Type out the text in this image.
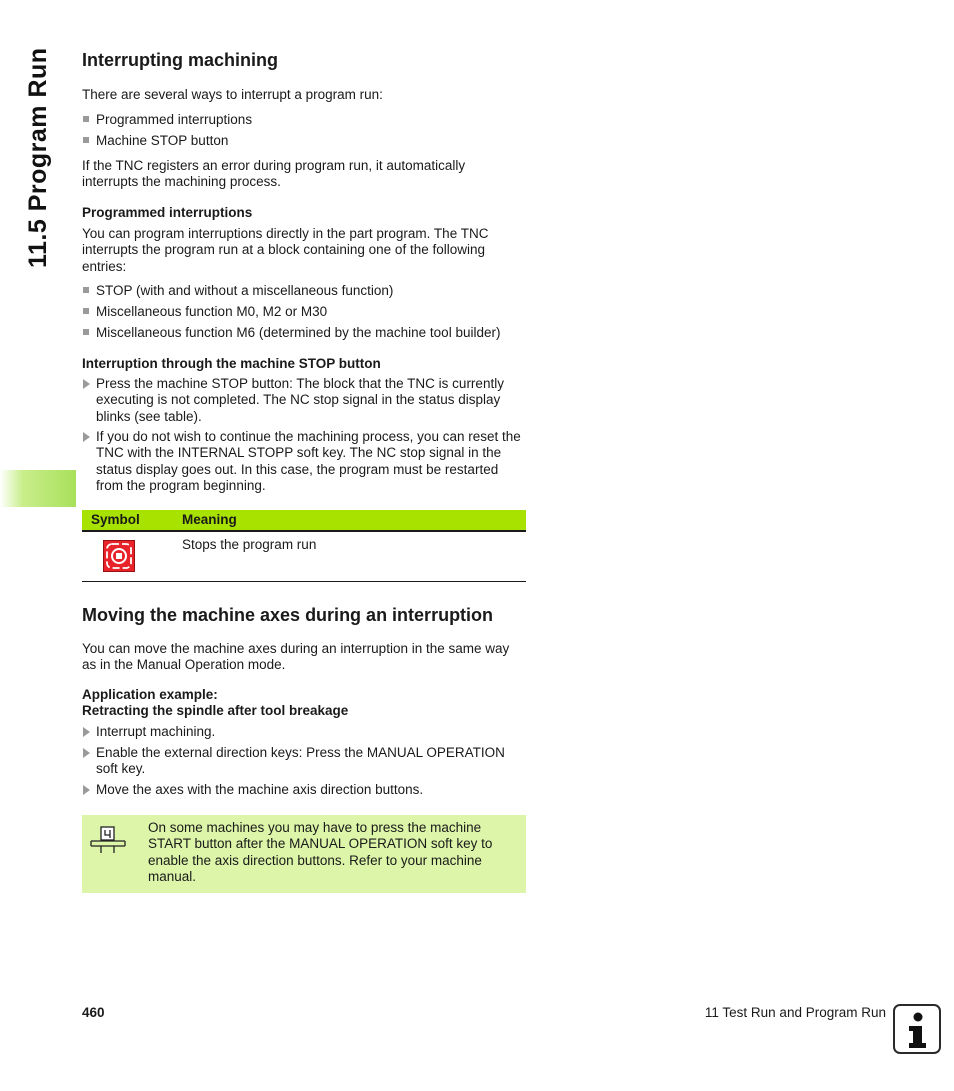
11.5 Program Run Interrupting machining
There are several ways to interrupt a program run:
Programmed interruptions
Machine STOP button
If the TNC registers an error during program run, it automatically interrupts the machining process.
Programmed interruptions
You can program interruptions directly in the part program. The TNC interrupts the program run at a block containing one of the following entries:
STOP (with and without a miscellaneous function)
Miscellaneous function M0, M2 or M30
Miscellaneous function M6 (determined by the machine tool builder)
Interruption through the machine STOP button
Press the machine STOP button: The block that the TNC is currently executing is not completed. The NC stop signal in the status display blinks (see table).
If you do not wish to continue the machining process, you can reset the TNC with the INTERNAL STOPP soft key. The NC stop signal in the status display goes out. In this case, the program must be restarted from the program beginning.
Symbol	Meaning
Stops the program run
Moving the machine axes during an interruption
You can move the machine axes during an interruption in the same way as in the Manual Operation mode.
Application example:
Retracting the spindle after tool breakage
Interrupt machining.
Enable the external direction keys: Press the MANUAL OPERATION soft key.
Move the axes with the machine axis direction buttons.
On some machines you may have to press the machine START button after the MANUAL OPERATION soft key to enable the axis direction buttons. Refer to your machine manual.
460	11 Test Run and Program Run
